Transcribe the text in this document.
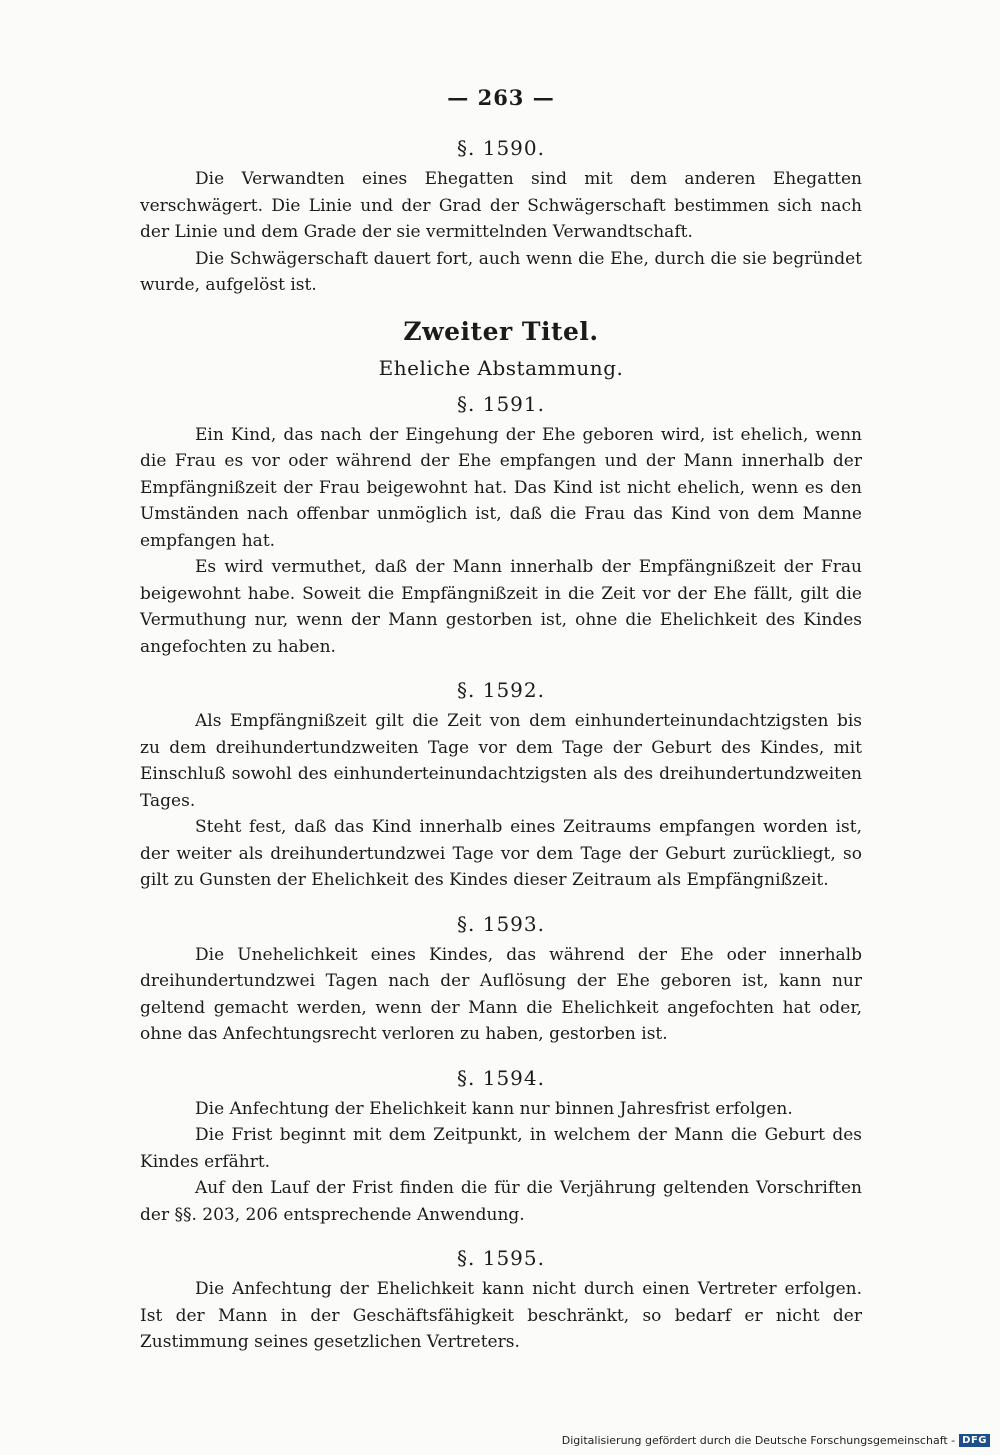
— 263 —
§. 1590.

Die Verwandten eines Ehegatten sind mit dem anderen Ehegatten verschwägert. Die Linie und der Grad der Schwägerschaft bestimmen sich nach der Linie und dem Grade der sie vermittelnden Verwandtschaft.

Die Schwägerschaft dauert fort, auch wenn die Ehe, durch die sie begründet wurde, aufgelöst ist.

Zweiter Titel.
Eheliche Abstammung.
§. 1591.

Ein Kind, das nach der Eingehung der Ehe geboren wird, ist ehelich, wenn die Frau es vor oder während der Ehe empfangen und der Mann innerhalb der Empfängnißzeit der Frau beigewohnt hat. Das Kind ist nicht ehelich, wenn es den Umständen nach offenbar unmöglich ist, daß die Frau das Kind von dem Manne empfangen hat.

Es wird vermuthet, daß der Mann innerhalb der Empfängnißzeit der Frau beigewohnt habe. Soweit die Empfängnißzeit in die Zeit vor der Ehe fällt, gilt die Vermuthung nur, wenn der Mann gestorben ist, ohne die Ehelichkeit des Kindes angefochten zu haben.

§. 1592.

Als Empfängnißzeit gilt die Zeit von dem einhunderteinundachtzigsten bis zu dem dreihundertundzweiten Tage vor dem Tage der Geburt des Kindes, mit Einschluß sowohl des einhunderteinundachtzigsten als des dreihundertundzweiten Tages.

Steht fest, daß das Kind innerhalb eines Zeitraums empfangen worden ist, der weiter als dreihundertundzwei Tage vor dem Tage der Geburt zurückliegt, so gilt zu Gunsten der Ehelichkeit des Kindes dieser Zeitraum als Empfängnißzeit.

§. 1593.

Die Unehelichkeit eines Kindes, das während der Ehe oder innerhalb dreihundertundzwei Tagen nach der Auflösung der Ehe geboren ist, kann nur geltend gemacht werden, wenn der Mann die Ehelichkeit angefochten hat oder, ohne das Anfechtungsrecht verloren zu haben, gestorben ist.

§. 1594.

Die Anfechtung der Ehelichkeit kann nur binnen Jahresfrist erfolgen.

Die Frist beginnt mit dem Zeitpunkt, in welchem der Mann die Geburt des Kindes erfährt.

Auf den Lauf der Frist finden die für die Verjährung geltenden Vorschriften der §§. 203, 206 entsprechende Anwendung.

§. 1595.

Die Anfechtung der Ehelichkeit kann nicht durch einen Vertreter erfolgen. Ist der Mann in der Geschäftsfähigkeit beschränkt, so bedarf er nicht der Zustimmung seines gesetzlichen Vertreters.

Digitalisierung gefördert durch die Deutsche Forschungsgemeinschaft - DFG
